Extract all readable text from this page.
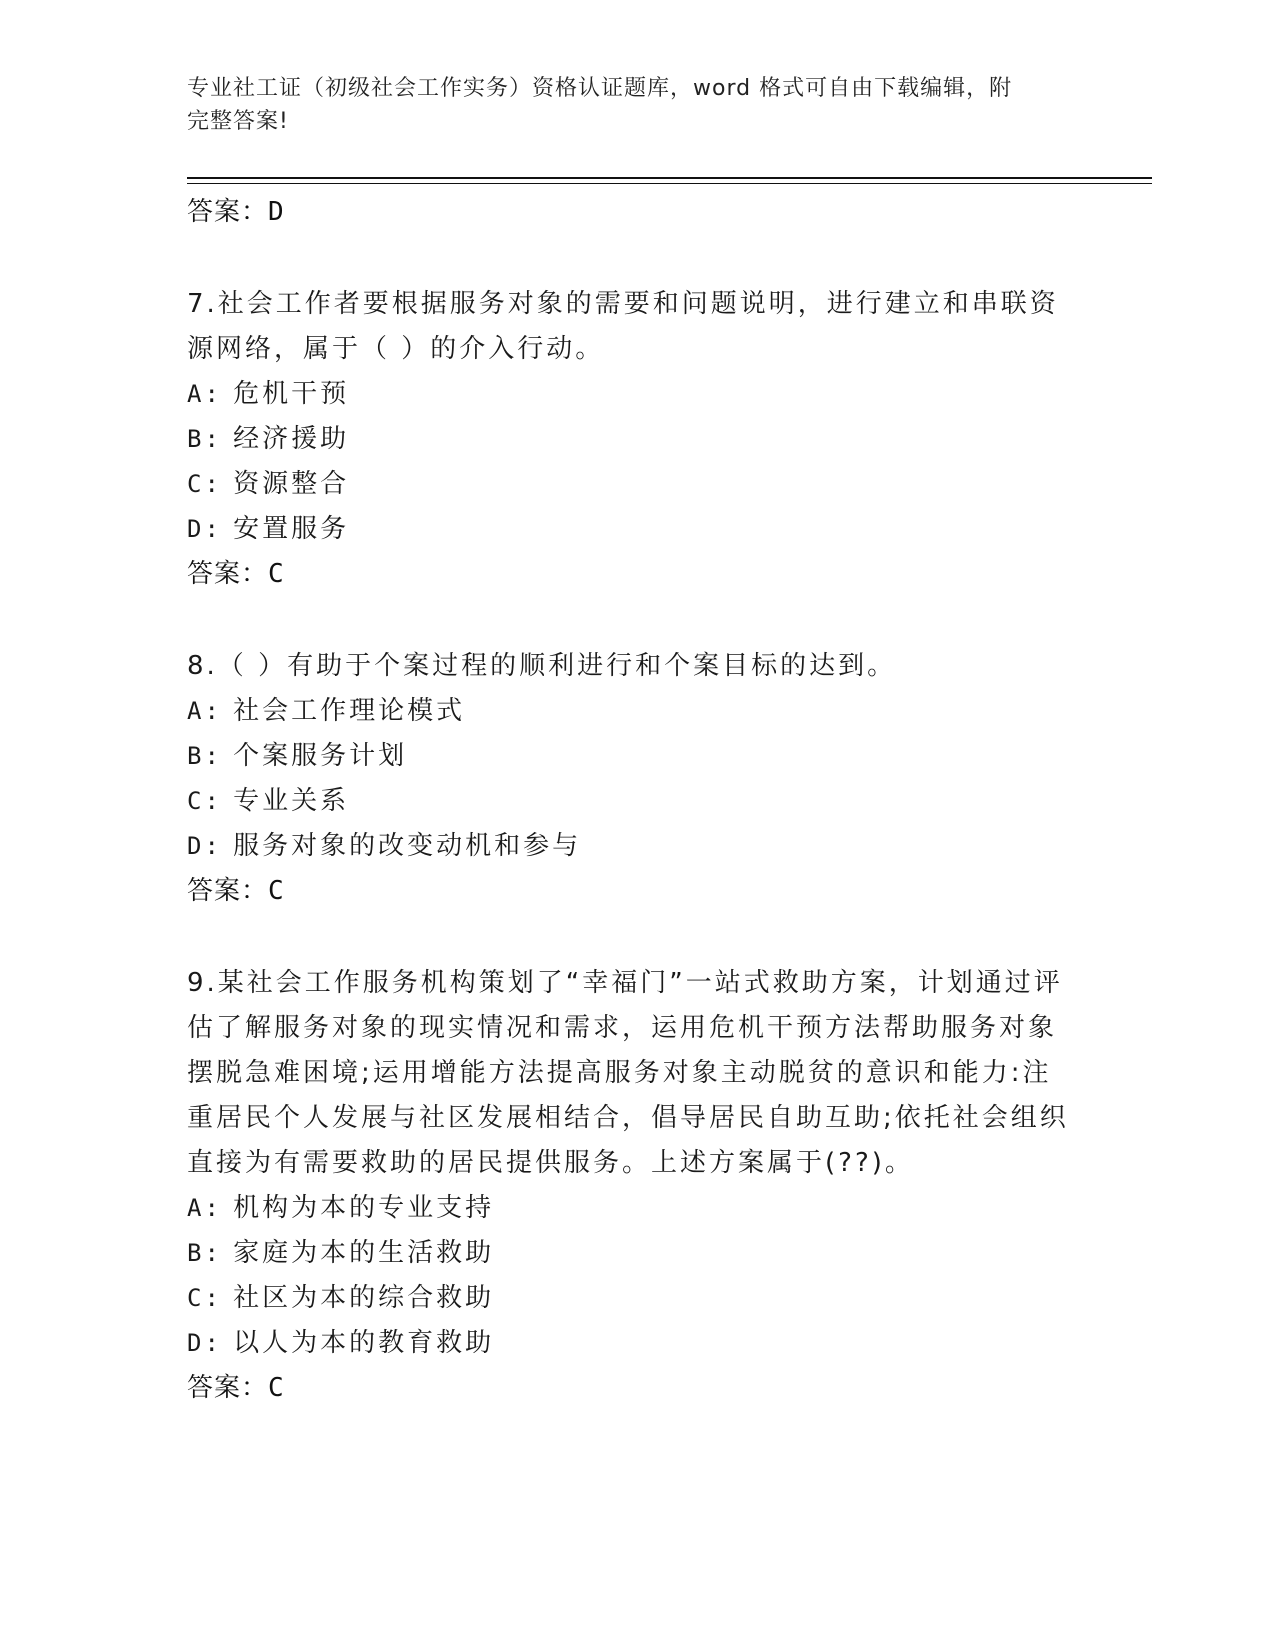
专业社工证（初级社会工作实务）资格认证题库，word 格式可自由下载编辑，附
完整答案!
答案：D
7.社会工作者要根据服务对象的需要和问题说明，进行建立和串联资源网络，属于（ ）的介入行动。
A: 危机干预
B: 经济援助
C: 资源整合
D: 安置服务
答案：C
8.（ ）有助于个案过程的顺利进行和个案目标的达到。
A: 社会工作理论模式
B: 个案服务计划
C: 专业关系
D: 服务对象的改变动机和参与
答案：C
9.某社会工作服务机构策划了“幸福门”一站式救助方案，计划通过评估了解服务对象的现实情况和需求，运用危机干预方法帮助服务对象摆脱急难困境;运用增能方法提高服务对象主动脱贫的意识和能力:注重居民个人发展与社区发展相结合，倡导居民自助互助;依托社会组织直接为有需要救助的居民提供服务。上述方案属于(??)。
A: 机构为本的专业支持
B: 家庭为本的生活救助
C: 社区为本的综合救助
D: 以人为本的教育救助
答案：C
